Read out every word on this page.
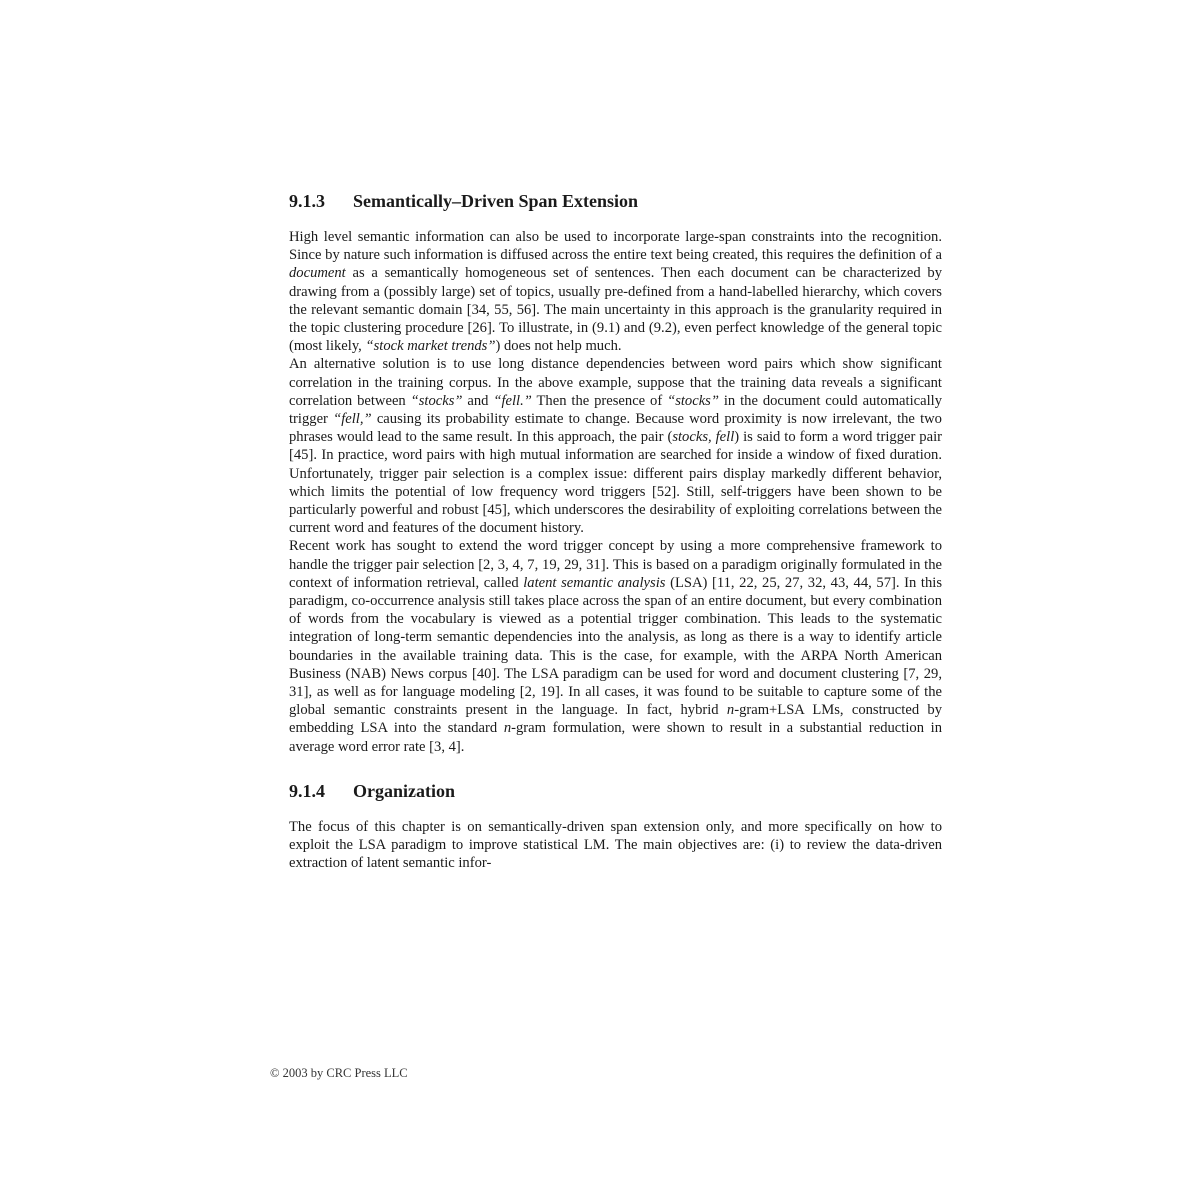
9.1.3 Semantically–Driven Span Extension

High level semantic information can also be used to incorporate large-span constraints into the recognition. Since by nature such information is diffused across the entire text being created, this requires the definition of a document as a semantically homogeneous set of sentences. Then each document can be characterized by drawing from a (possibly large) set of topics, usually pre-defined from a hand-labelled hierarchy, which covers the relevant semantic domain [34, 55, 56]. The main uncertainty in this approach is the granularity required in the topic clustering procedure [26]. To illustrate, in (9.1) and (9.2), even perfect knowledge of the general topic (most likely, “stock market trends”) does not help much.

An alternative solution is to use long distance dependencies between word pairs which show significant correlation in the training corpus. In the above example, suppose that the training data reveals a significant correlation between “stocks” and “fell.” Then the presence of “stocks” in the document could automatically trigger “fell,” causing its probability estimate to change. Because word proximity is now irrelevant, the two phrases would lead to the same result. In this approach, the pair (stocks, fell) is said to form a word trigger pair [45]. In practice, word pairs with high mutual information are searched for inside a window of fixed duration. Unfortunately, trigger pair selection is a complex issue: different pairs display markedly different behavior, which limits the potential of low frequency word triggers [52]. Still, self-triggers have been shown to be particularly powerful and robust [45], which underscores the desirability of exploiting correlations between the current word and features of the document history.

Recent work has sought to extend the word trigger concept by using a more comprehensive framework to handle the trigger pair selection [2, 3, 4, 7, 19, 29, 31]. This is based on a paradigm originally formulated in the context of information retrieval, called latent semantic analysis (LSA) [11, 22, 25, 27, 32, 43, 44, 57]. In this paradigm, co-occurrence analysis still takes place across the span of an entire document, but every combination of words from the vocabulary is viewed as a potential trigger combination. This leads to the systematic integration of long-term semantic dependencies into the analysis, as long as there is a way to identify article boundaries in the available training data. This is the case, for example, with the ARPA North American Business (NAB) News corpus [40]. The LSA paradigm can be used for word and document clustering [7, 29, 31], as well as for language modeling [2, 19]. In all cases, it was found to be suitable to capture some of the global semantic constraints present in the language. In fact, hybrid n-gram+LSA LMs, constructed by embedding LSA into the standard n-gram formulation, were shown to result in a substantial reduction in average word error rate [3, 4].

9.1.4 Organization

The focus of this chapter is on semantically-driven span extension only, and more specifically on how to exploit the LSA paradigm to improve statistical LM. The main objectives are: (i) to review the data-driven extraction of latent semantic infor-

© 2003 by CRC Press LLC
